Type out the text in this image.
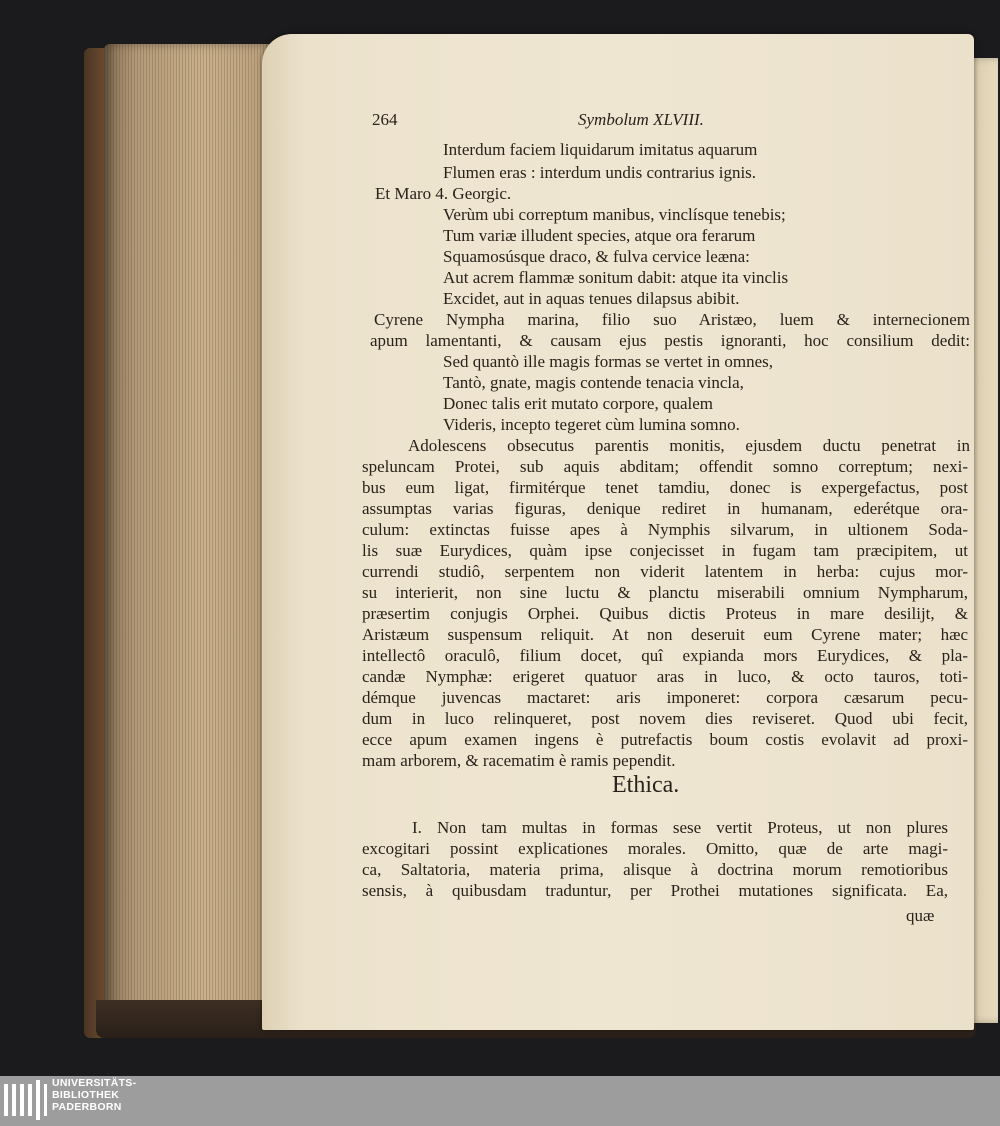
264	Symbolum XLVIII.
Interdum faciem liquidarum imitatus aquarum
Flumen eras : interdum undis contrarius ignis.
Et Maro 4. Georgic.
Verùm ubi correptum manibus, vinclísque tenebis;
Tum variæ illudent species, atque ora ferarum
Squamosúsque draco, & fulva cervice leæna:
Aut acrem flammæ sonitum dabit: atque ita vinclis
Excidet, aut in aquas tenues dilapsus abibit.
Cyrene Nympha marina, filio suo Aristæo, luem & internecionem
apum lamentanti, & causam ejus pestis ignoranti, hoc consilium dedit:
Sed quantò ille magis formas se vertet in omnes,
Tantò, gnate, magis contende tenacia vincla,
Donec talis erit mutato corpore, qualem
Videris, incepto tegeret cùm lumina somno.
Adolescens obsecutus parentis monitis, ejusdem ductu penetrat in
speluncam Protei, sub aquis abditam; offendit somno correptum; nexi-
bus eum ligat, firmitérque tenet tamdiu, donec is expergefactus, post
assumptas varias figuras, denique rediret in humanam, ederétque ora-
culum: extinctas fuisse apes à Nymphis silvarum, in ultionem Soda-
lis suæ Eurydices, quàm ipse conjecisset in fugam tam præcipitem, ut
currendi studiô, serpentem non viderit latentem in herba: cujus mor-
su interierit, non sine luctu & planctu miserabili omnium Nympharum,
præsertim conjugis Orphei. Quibus dictis Proteus in mare desilijt, &
Aristæum suspensum reliquit. At non deseruit eum Cyrene mater; hæc
intellectô oraculô, filium docet, quî expianda mors Eurydices, & pla-
candæ Nymphæ: erigeret quatuor aras in luco, & octo tauros, toti-
démque juvencas mactaret: aris imponeret: corpora cæsarum pecu-
dum in luco relinqueret, post novem dies reviseret. Quod ubi fecit,
ecce apum examen ingens è putrefactis boum costis evolavit ad proxi-
mam arborem, & racematim è ramis pependit.
Ethica.
I. Non tam multas in formas sese vertit Proteus, ut non plures
excogitari possint explicationes morales. Omitto, quæ de arte magi-
ca, Saltatoria, materia prima, alisque à doctrina morum remotioribus
sensis, à quibusdam traduntur, per Prothei mutationes significata. Ea,
quæ
UNIVERSITÄTS-
BIBLIOTHEK
PADERBORN
